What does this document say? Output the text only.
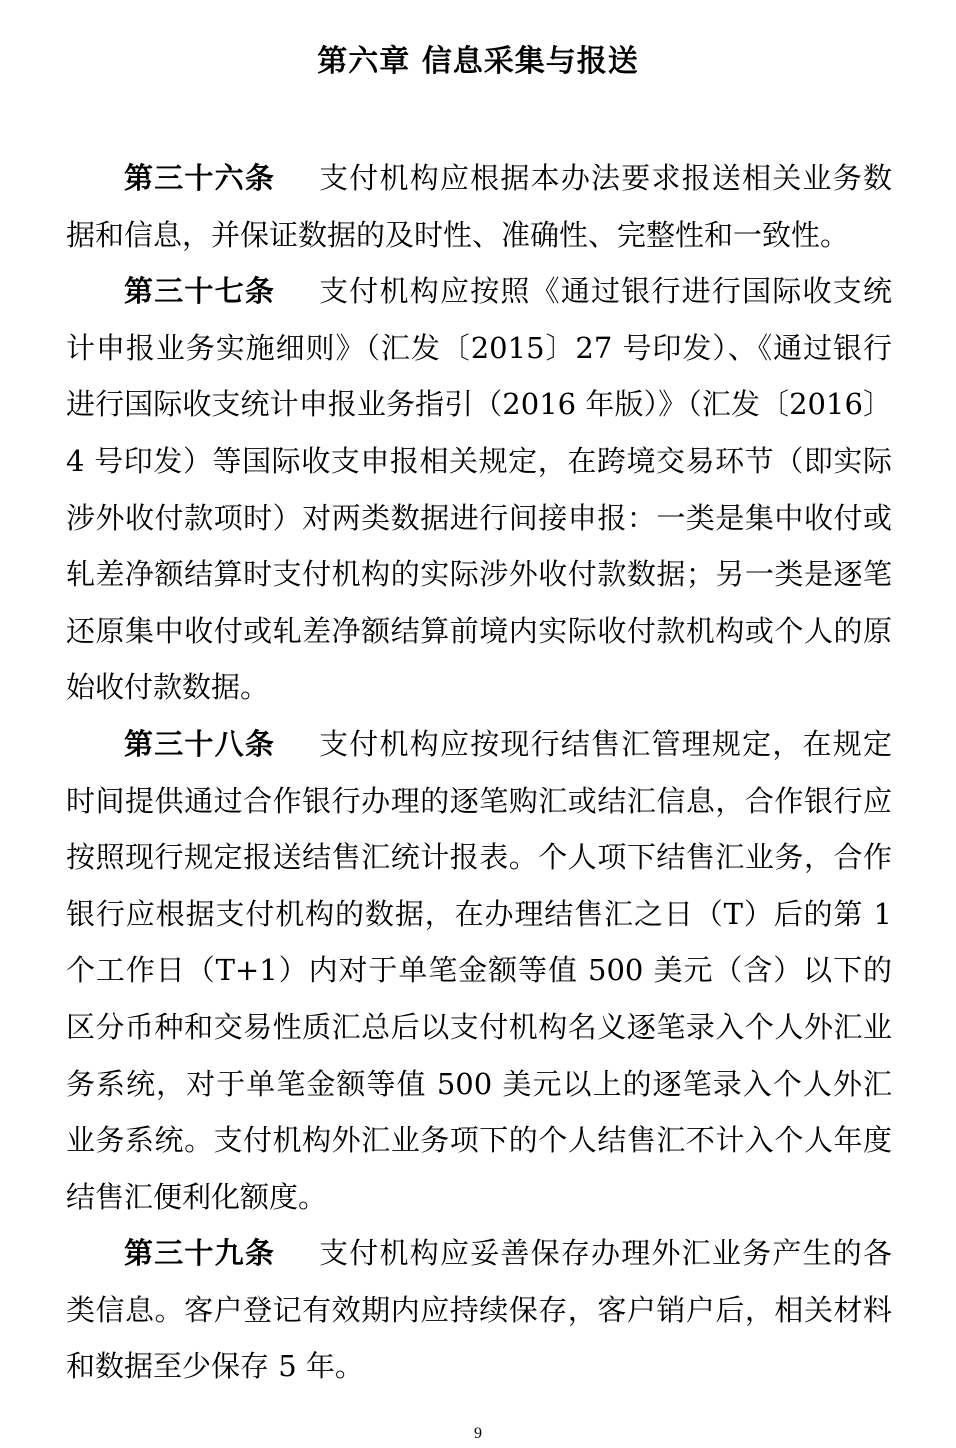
第六章 信息采集与报送

第三十六条 支付机构应根据本办法要求报送相关业务数据和信息，并保证数据的及时性、准确性、完整性和一致性。

第三十七条 支付机构应按照《通过银行进行国际收支统计申报业务实施细则》（汇发〔2015〕27 号印发）、《通过银行进行国际收支统计申报业务指引（2016 年版）》（汇发〔2016〕4 号印发）等国际收支申报相关规定，在跨境交易环节（即实际涉外收付款项时）对两类数据进行间接申报：一类是集中收付或轧差净额结算时支付机构的实际涉外收付款数据；另一类是逐笔还原集中收付或轧差净额结算前境内实际收付款机构或个人的原始收付款数据。

第三十八条 支付机构应按现行结售汇管理规定，在规定时间提供通过合作银行办理的逐笔购汇或结汇信息，合作银行应按照现行规定报送结售汇统计报表。个人项下结售汇业务，合作银行应根据支付机构的数据，在办理结售汇之日（T）后的第 1 个工作日（T+1）内对于单笔金额等值 500 美元（含）以下的区分币种和交易性质汇总后以支付机构名义逐笔录入个人外汇业务系统，对于单笔金额等值 500 美元以上的逐笔录入个人外汇业务系统。支付机构外汇业务项下的个人结售汇不计入个人年度结售汇便利化额度。

第三十九条 支付机构应妥善保存办理外汇业务产生的各类信息。客户登记有效期内应持续保存，客户销户后，相关材料和数据至少保存 5 年。

9
